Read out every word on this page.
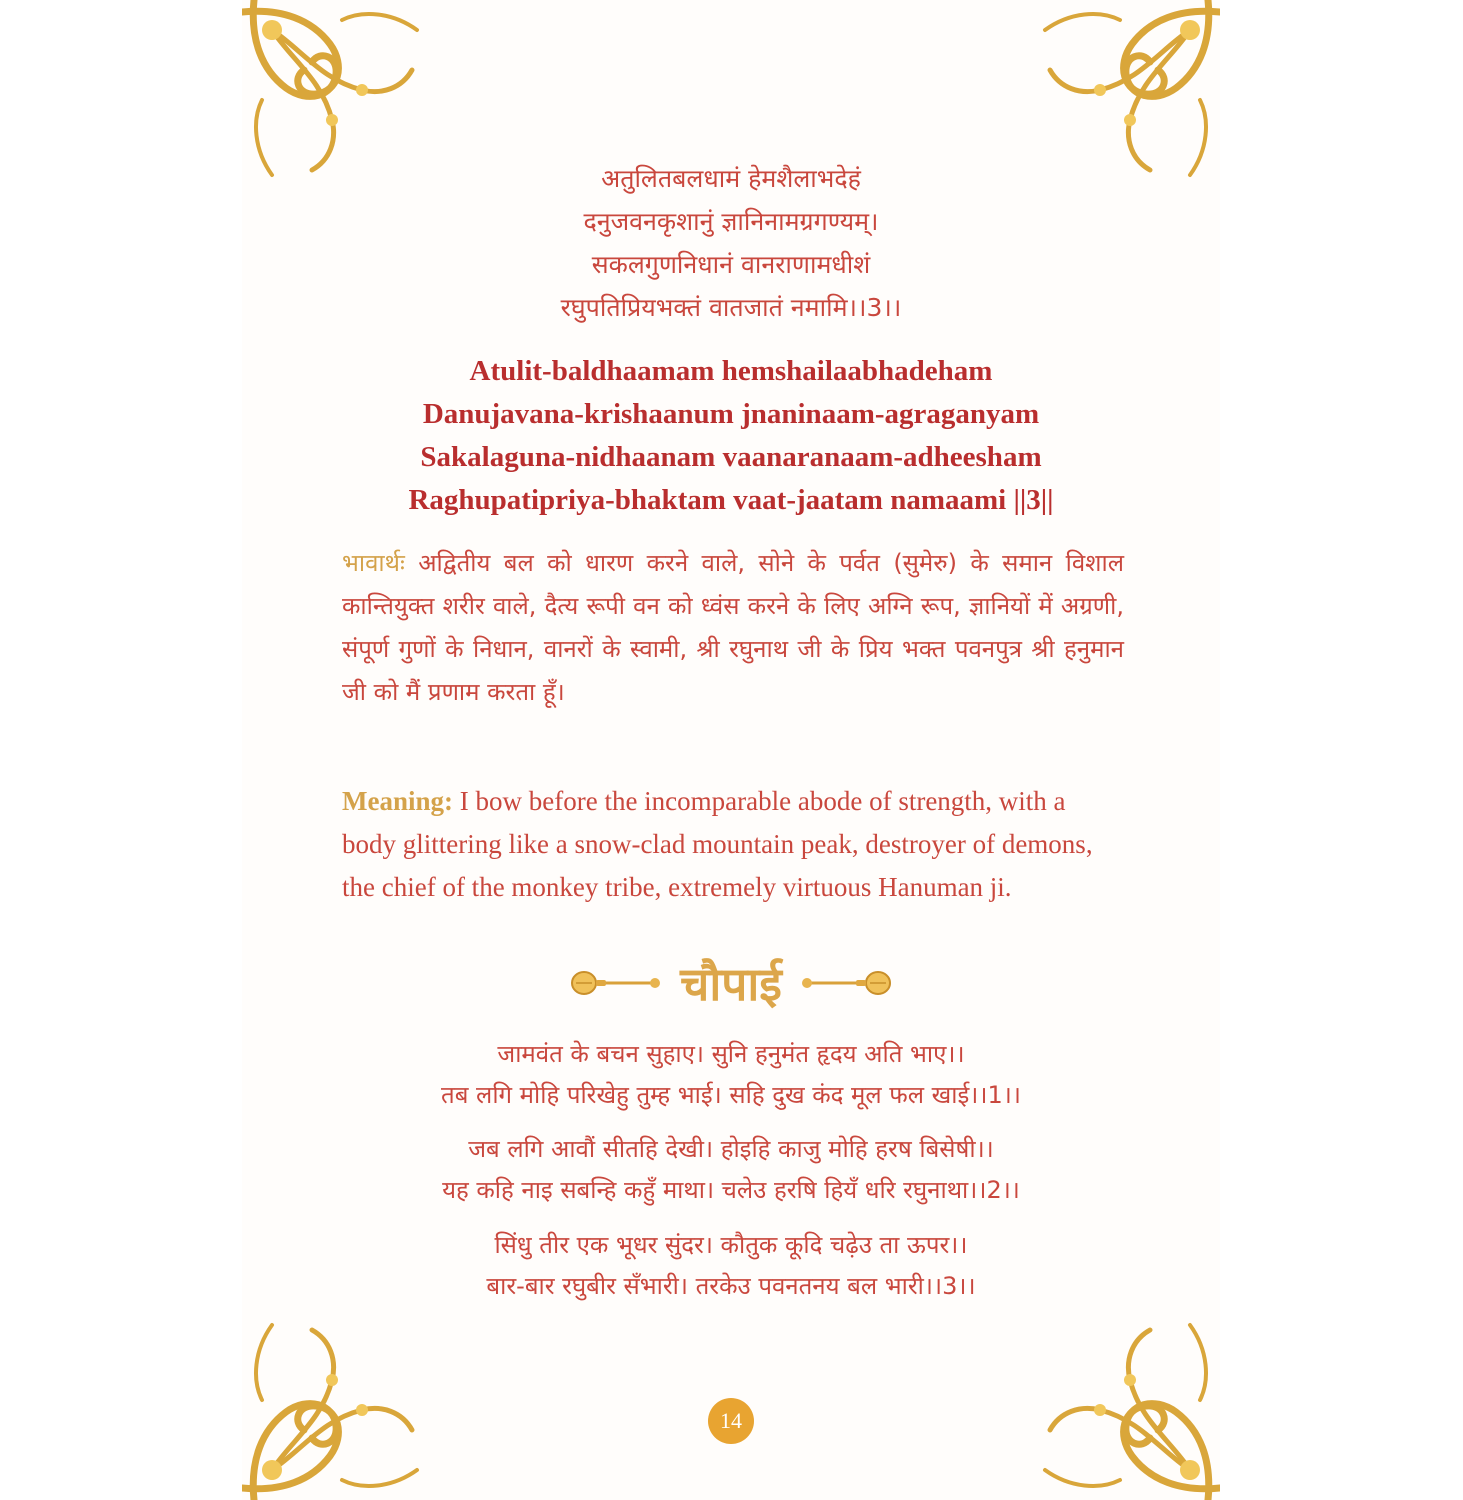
अतुलितबलधामं हेमशैलाभदेहं
दनुजवनकृशानुं ज्ञानिनामग्रगण्यम्।
सकलगुणनिधानं वानराणामधीशं
रघुपतिप्रियभक्तं वातजातं नमामि।।3।।
Atulit-baldhaamam hemshailaabhadeham
Danujavana-krishaanum jnaninaam-agraganyam
Sakalaguna-nidhaanam vaanaranaam-adheesham
Raghupatipriya-bhaktam vaat-jaatam namaami ||3||
भावार्थः अद्वितीय बल को धारण करने वाले, सोने के पर्वत (सुमेरु) के समान विशाल कान्तियुक्त शरीर वाले, दैत्य रूपी वन को ध्वंस करने के लिए अग्नि रूप, ज्ञानियों में अग्रणी, संपूर्ण गुणों के निधान, वानरों के स्वामी, श्री रघुनाथ जी के प्रिय भक्त पवनपुत्र श्री हनुमान जी को मैं प्रणाम करता हूँ।
Meaning: I bow before the incomparable abode of strength, with a
body glittering like a snow-clad mountain peak, destroyer of demons,
the chief of the monkey tribe, extremely virtuous Hanuman ji.
चौपाई
जामवंत के बचन सुहाए। सुनि हनुमंत हृदय अति भाए।।
तब लगि मोहि परिखेहु तुम्ह भाई। सहि दुख कंद मूल फल खाई।।1।।
जब लगि आवौं सीतहि देखी। होइहि काजु मोहि हरष बिसेषी।।
यह कहि नाइ सबन्हि कहुँ माथा। चलेउ हरषि हियँ धरि रघुनाथा।।2।।
सिंधु तीर एक भूधर सुंदर। कौतुक कूदि चढ़ेउ ता ऊपर।।
बार-बार रघुबीर सँभारी। तरकेउ पवनतनय बल भारी।।3।।
14
